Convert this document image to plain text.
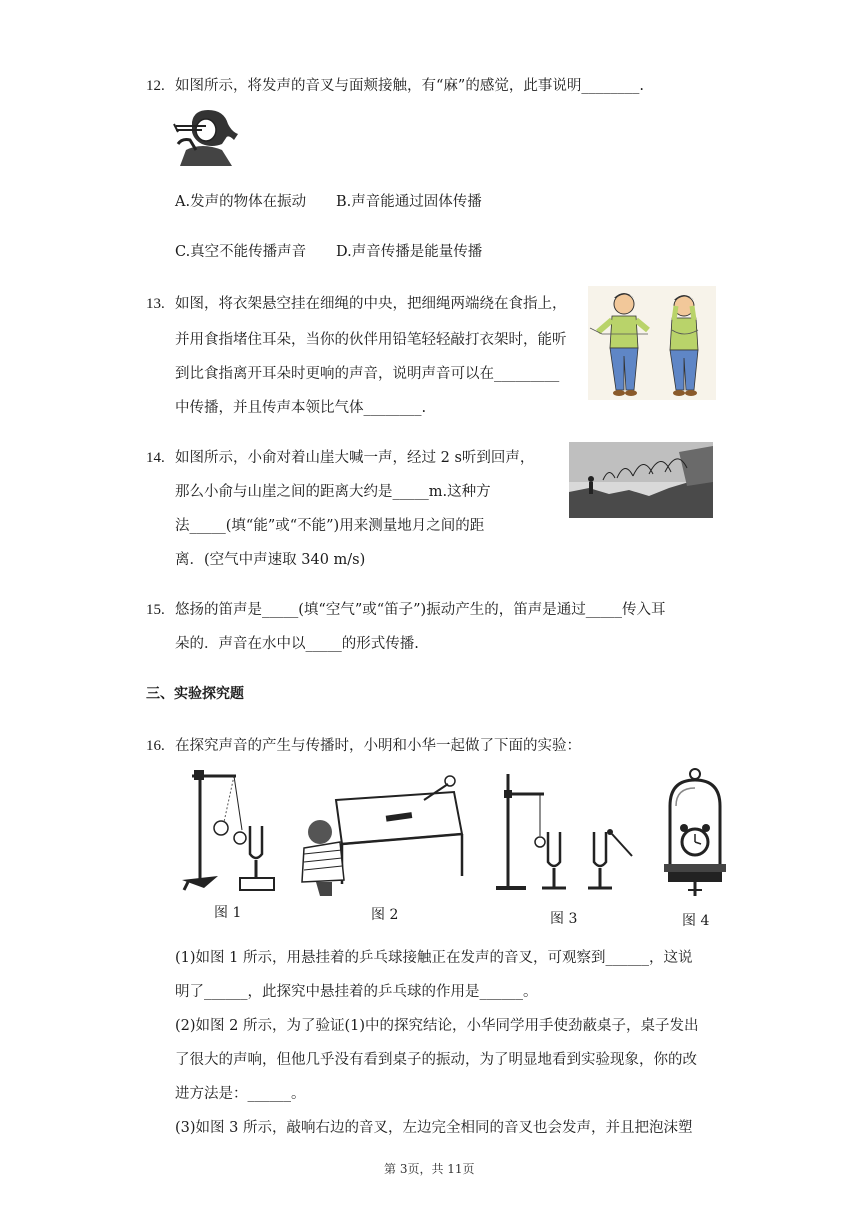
12. 如图所示，将发声的音叉与面颊接触，有“麻”的感觉，此事说明________.
A.发声的物体在振动 B.声音能通过固体传播
C.真空不能传播声音 D.声音传播是能量传播
13. 如图，将衣架悬空挂在细绳的中央，把细绳两端绕在食指上，
并用食指堵住耳朵，当你的伙伴用铅笔轻轻敲打衣架时，能听
到比食指离开耳朵时更响的声音，说明声音可以在_________
中传播，并且传声本领比气体________.
14. 如图所示，小俞对着山崖大喊一声，经过 2 s听到回声，
那么小俞与山崖之间的距离大约是_____m.这种方
法_____(填“能”或“不能”)用来测量地月之间的距
离．(空气中声速取 340 m/s)
15. 悠扬的笛声是_____(填“空气”或“笛子”)振动产生的，笛声是通过_____传入耳
朵的．声音在水中以_____的形式传播.
三、实验探究题
16. 在探究声音的产生与传播时，小明和小华一起做了下面的实验：
图 1	图 2	图 3	图 4
(1)如图 1 所示，用悬挂着的乒乓球接触正在发声的音叉，可观察到______，这说
明了______，此探究中悬挂着的乒乓球的作用是______。
(2)如图 2 所示，为了验证(1)中的探究结论，小华同学用手使劲蔽桌子，桌子发出
了很大的声响，但他几乎没有看到桌子的振动，为了明显地看到实验现象，你的改
进方法是：______。
(3)如图 3 所示，敲响右边的音叉，左边完全相同的音叉也会发声，并且把泡沫塑
第 3页，共 11页
